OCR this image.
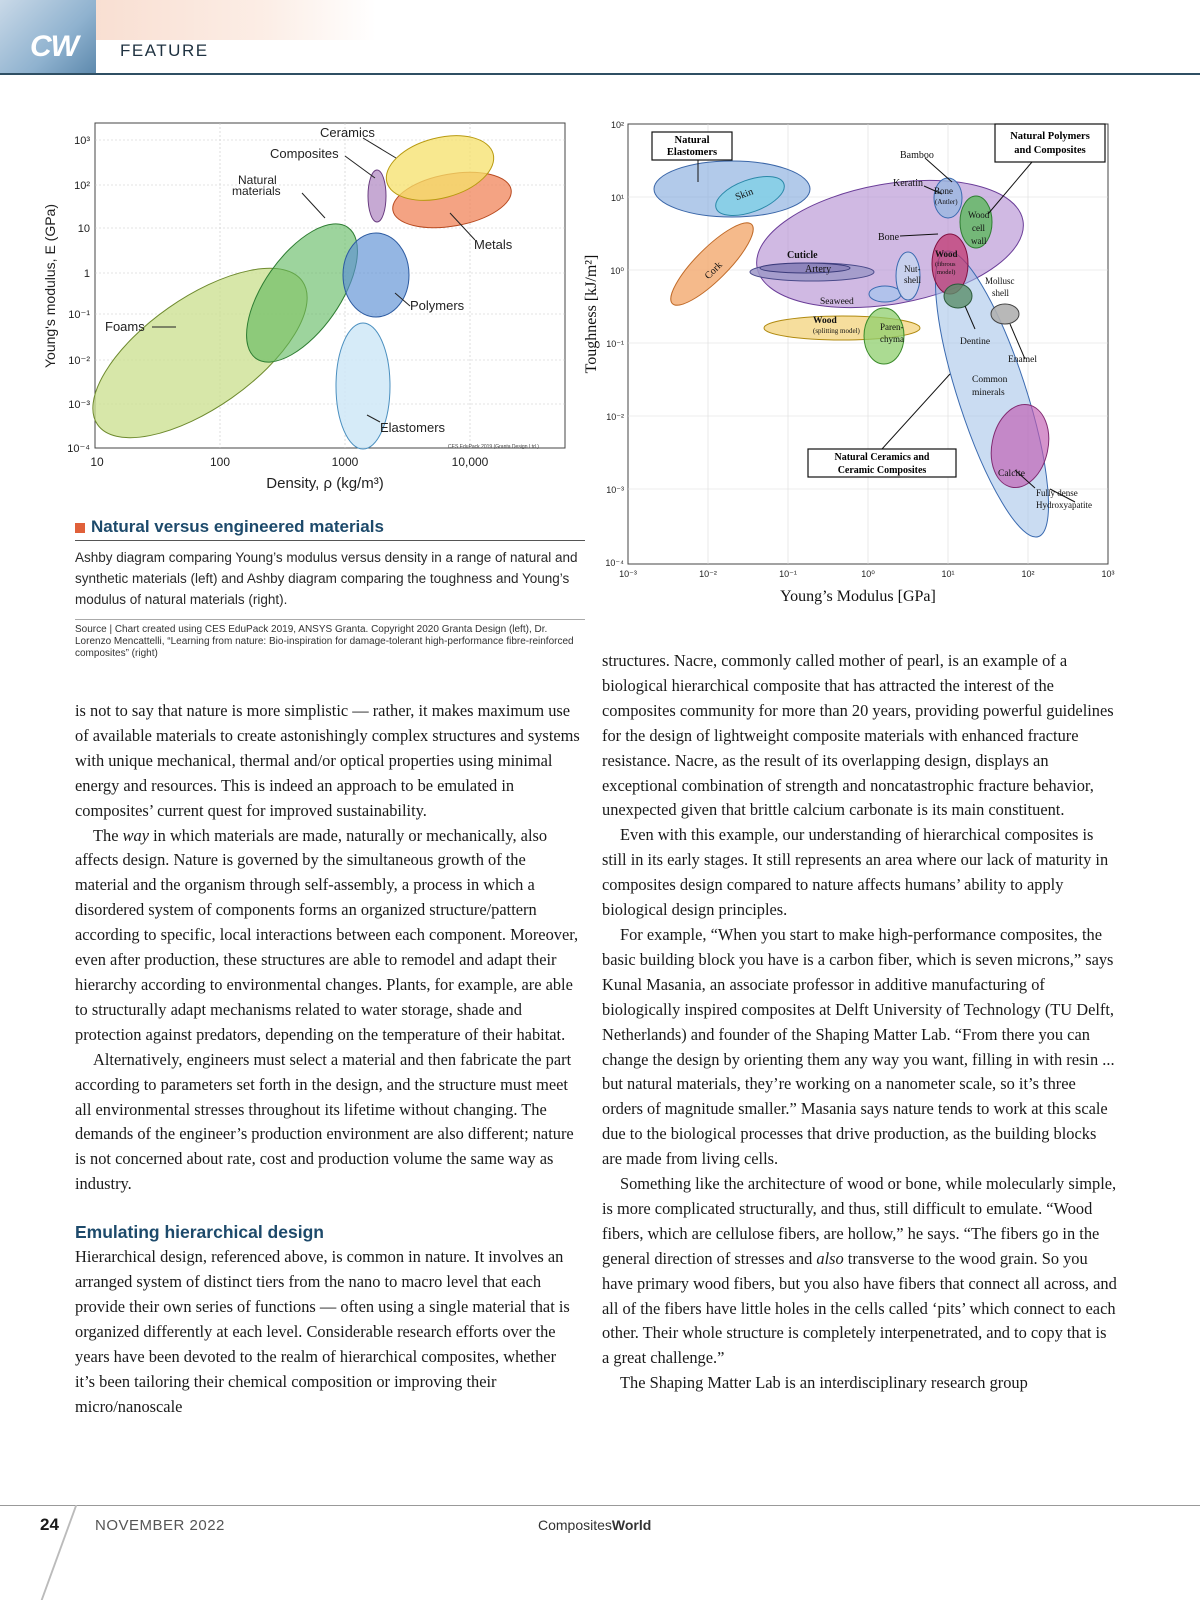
CW FEATURE
Ceramics
Composites
Natural
materials
Metals
Polymers
Foams
Elastomers
CES EduPack 2019 (Granta Design Ltd.)
10³
10²
10
1
10⁻¹
10⁻²
10⁻³
10⁻⁴
10	100	1000	10,000
Density, ρ (kg/m³)
Young's modulus, E (GPa)
Natural
Elastomers
Natural Polymers
and Composites
Natural Ceramics and
Ceramic Composites
Skin
Cork
Bamboo
Keratin
Bone
(Antler)
Wood
cell
wall
Bone
Wood
(fibrous
model)
Cuticle
Artery	Nut-
shell	Mollusc
shell
Seaweed
Wood
(splitting model) Paren-
chyma	Dentine
Enamel
Common
minerals
Calcite
Fully dense
Hydroxyapatite
10²
10¹
10⁰
10⁻¹
10⁻²
10⁻³
10⁻⁴
10⁻³	10⁻²	10⁻¹	10⁰	10¹	10²	10³
Young’s Modulus [GPa]
Toughness [kJ/m²]

Natural versus engineered materials

Ashby diagram comparing Young’s modulus versus density in a range of natural and synthetic materials (left) and Ashby diagram comparing the toughness and Young’s modulus of natural materials (right).

Source | Chart created using CES EduPack 2019, ANSYS Granta. Copyright 2020 Granta Design (left), Dr. Lorenzo Mencattelli, “Learning from nature: Bio-inspiration for damage-tolerant high-performance fibre-reinforced composites” (right)

is not to say that nature is more simplistic — rather, it makes maximum use of available materials to create astonishingly complex structures and systems with unique mechanical, thermal and/or optical properties using minimal energy and resources. This is indeed an approach to be emulated in composites’ current quest for improved sustainability.

The way in which materials are made, naturally or mechanically, also affects design. Nature is governed by the simultaneous growth of the material and the organism through self-assembly, a process in which a disordered system of components forms an organized structure/pattern according to specific, local interactions between each component. Moreover, even after production, these structures are able to remodel and adapt their hierarchy according to environmental changes. Plants, for example, are able to structurally adapt mechanisms related to water storage, shade and protection against predators, depending on the temperature of their habitat.

Alternatively, engineers must select a material and then fabricate the part according to parameters set forth in the design, and the structure must meet all environmental stresses throughout its lifetime without changing. The demands of the engineer’s production environment are also different; nature is not concerned about rate, cost and production volume the same way as industry.

Emulating hierarchical design

Hierarchical design, referenced above, is common in nature. It involves an arranged system of distinct tiers from the nano to macro level that each provide their own series of functions — often using a single material that is organized differently at each level. Considerable research efforts over the years have been devoted to the realm of hierarchical composites, whether it’s been tailoring their chemical composition or improving their micro/nanoscale

structures. Nacre, commonly called mother of pearl, is an example of a biological hierarchical composite that has attracted the interest of the composites community for more than 20 years, providing powerful guidelines for the design of lightweight composite materials with enhanced fracture resistance. Nacre, as the result of its overlapping design, displays an exceptional combination of strength and noncatastrophic fracture behavior, unexpected given that brittle calcium carbonate is its main constituent.

Even with this example, our understanding of hierarchical composites is still in its early stages. It still represents an area where our lack of maturity in composites design compared to nature affects humans’ ability to apply biological design principles.

For example, “When you start to make high-performance composites, the basic building block you have is a carbon fiber, which is seven microns,” says Kunal Masania, an associate professor in additive manufacturing of biologically inspired composites at Delft University of Technology (TU Delft, Netherlands) and founder of the Shaping Matter Lab. “From there you can change the design by orienting them any way you want, filling in with resin ... but natural materials, they’re working on a nanometer scale, so it’s three orders of magnitude smaller.” Masania says nature tends to work at this scale due to the biological processes that drive production, as the building blocks are made from living cells.

Something like the architecture of wood or bone, while molecularly simple, is more complicated structurally, and thus, still difficult to emulate. “Wood fibers, which are cellulose fibers, are hollow,” he says. “The fibers go in the general direction of stresses and also transverse to the wood grain. So you have primary wood fibers, but you also have fibers that connect all across, and all of the fibers have little holes in the cells called ‘pits’ which connect to each other. Their whole structure is completely interpenetrated, and to copy that is a great challenge.”

The Shaping Matter Lab is an interdisciplinary research group

24 NOVEMBER 2022	CompositesWorld
